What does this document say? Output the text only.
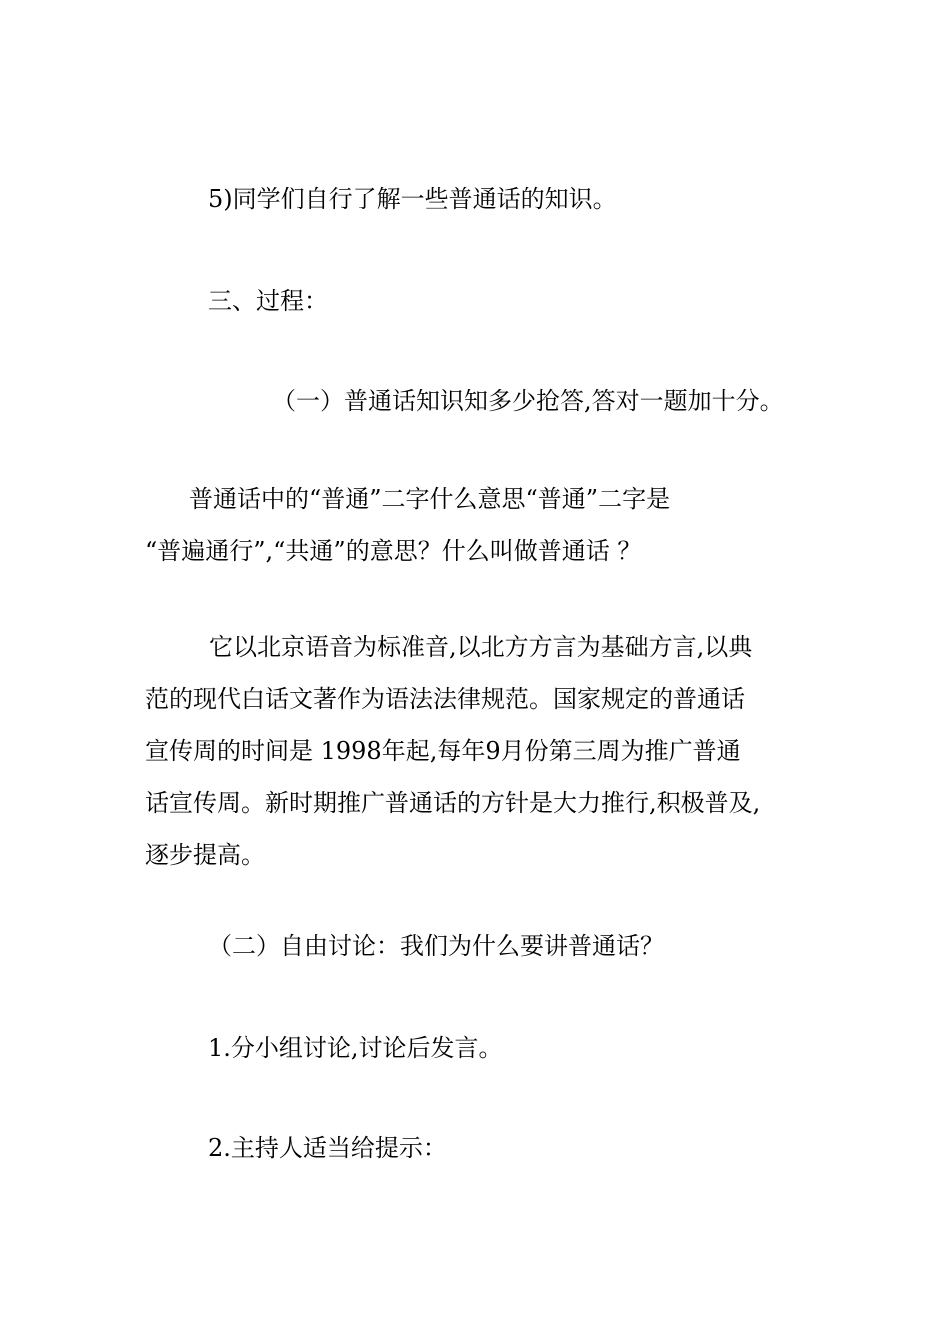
5)同学们自行了解一些普通话的知识。

三、过程：

（一）普通话知识知多少抢答,答对一题加十分。

普通话中的“普通”二字什么意思“普通”二字是
“普遍通行”,“共通”的意思？什么叫做普通话 ？
它以北京语音为标准音,以北方方言为基础方言,以典
范的现代白话文著作为语法法律规范。国家规定的普通话
宣传周的时间是 1998年起,每年9月份第三周为推广普通
话宣传周。新时期推广普通话的方针是大力推行,积极普及,
逐步提高。

（二）自由讨论：我们为什么要讲普通话？

1.分小组讨论,讨论后发言。

2.主持人适当给提示：
